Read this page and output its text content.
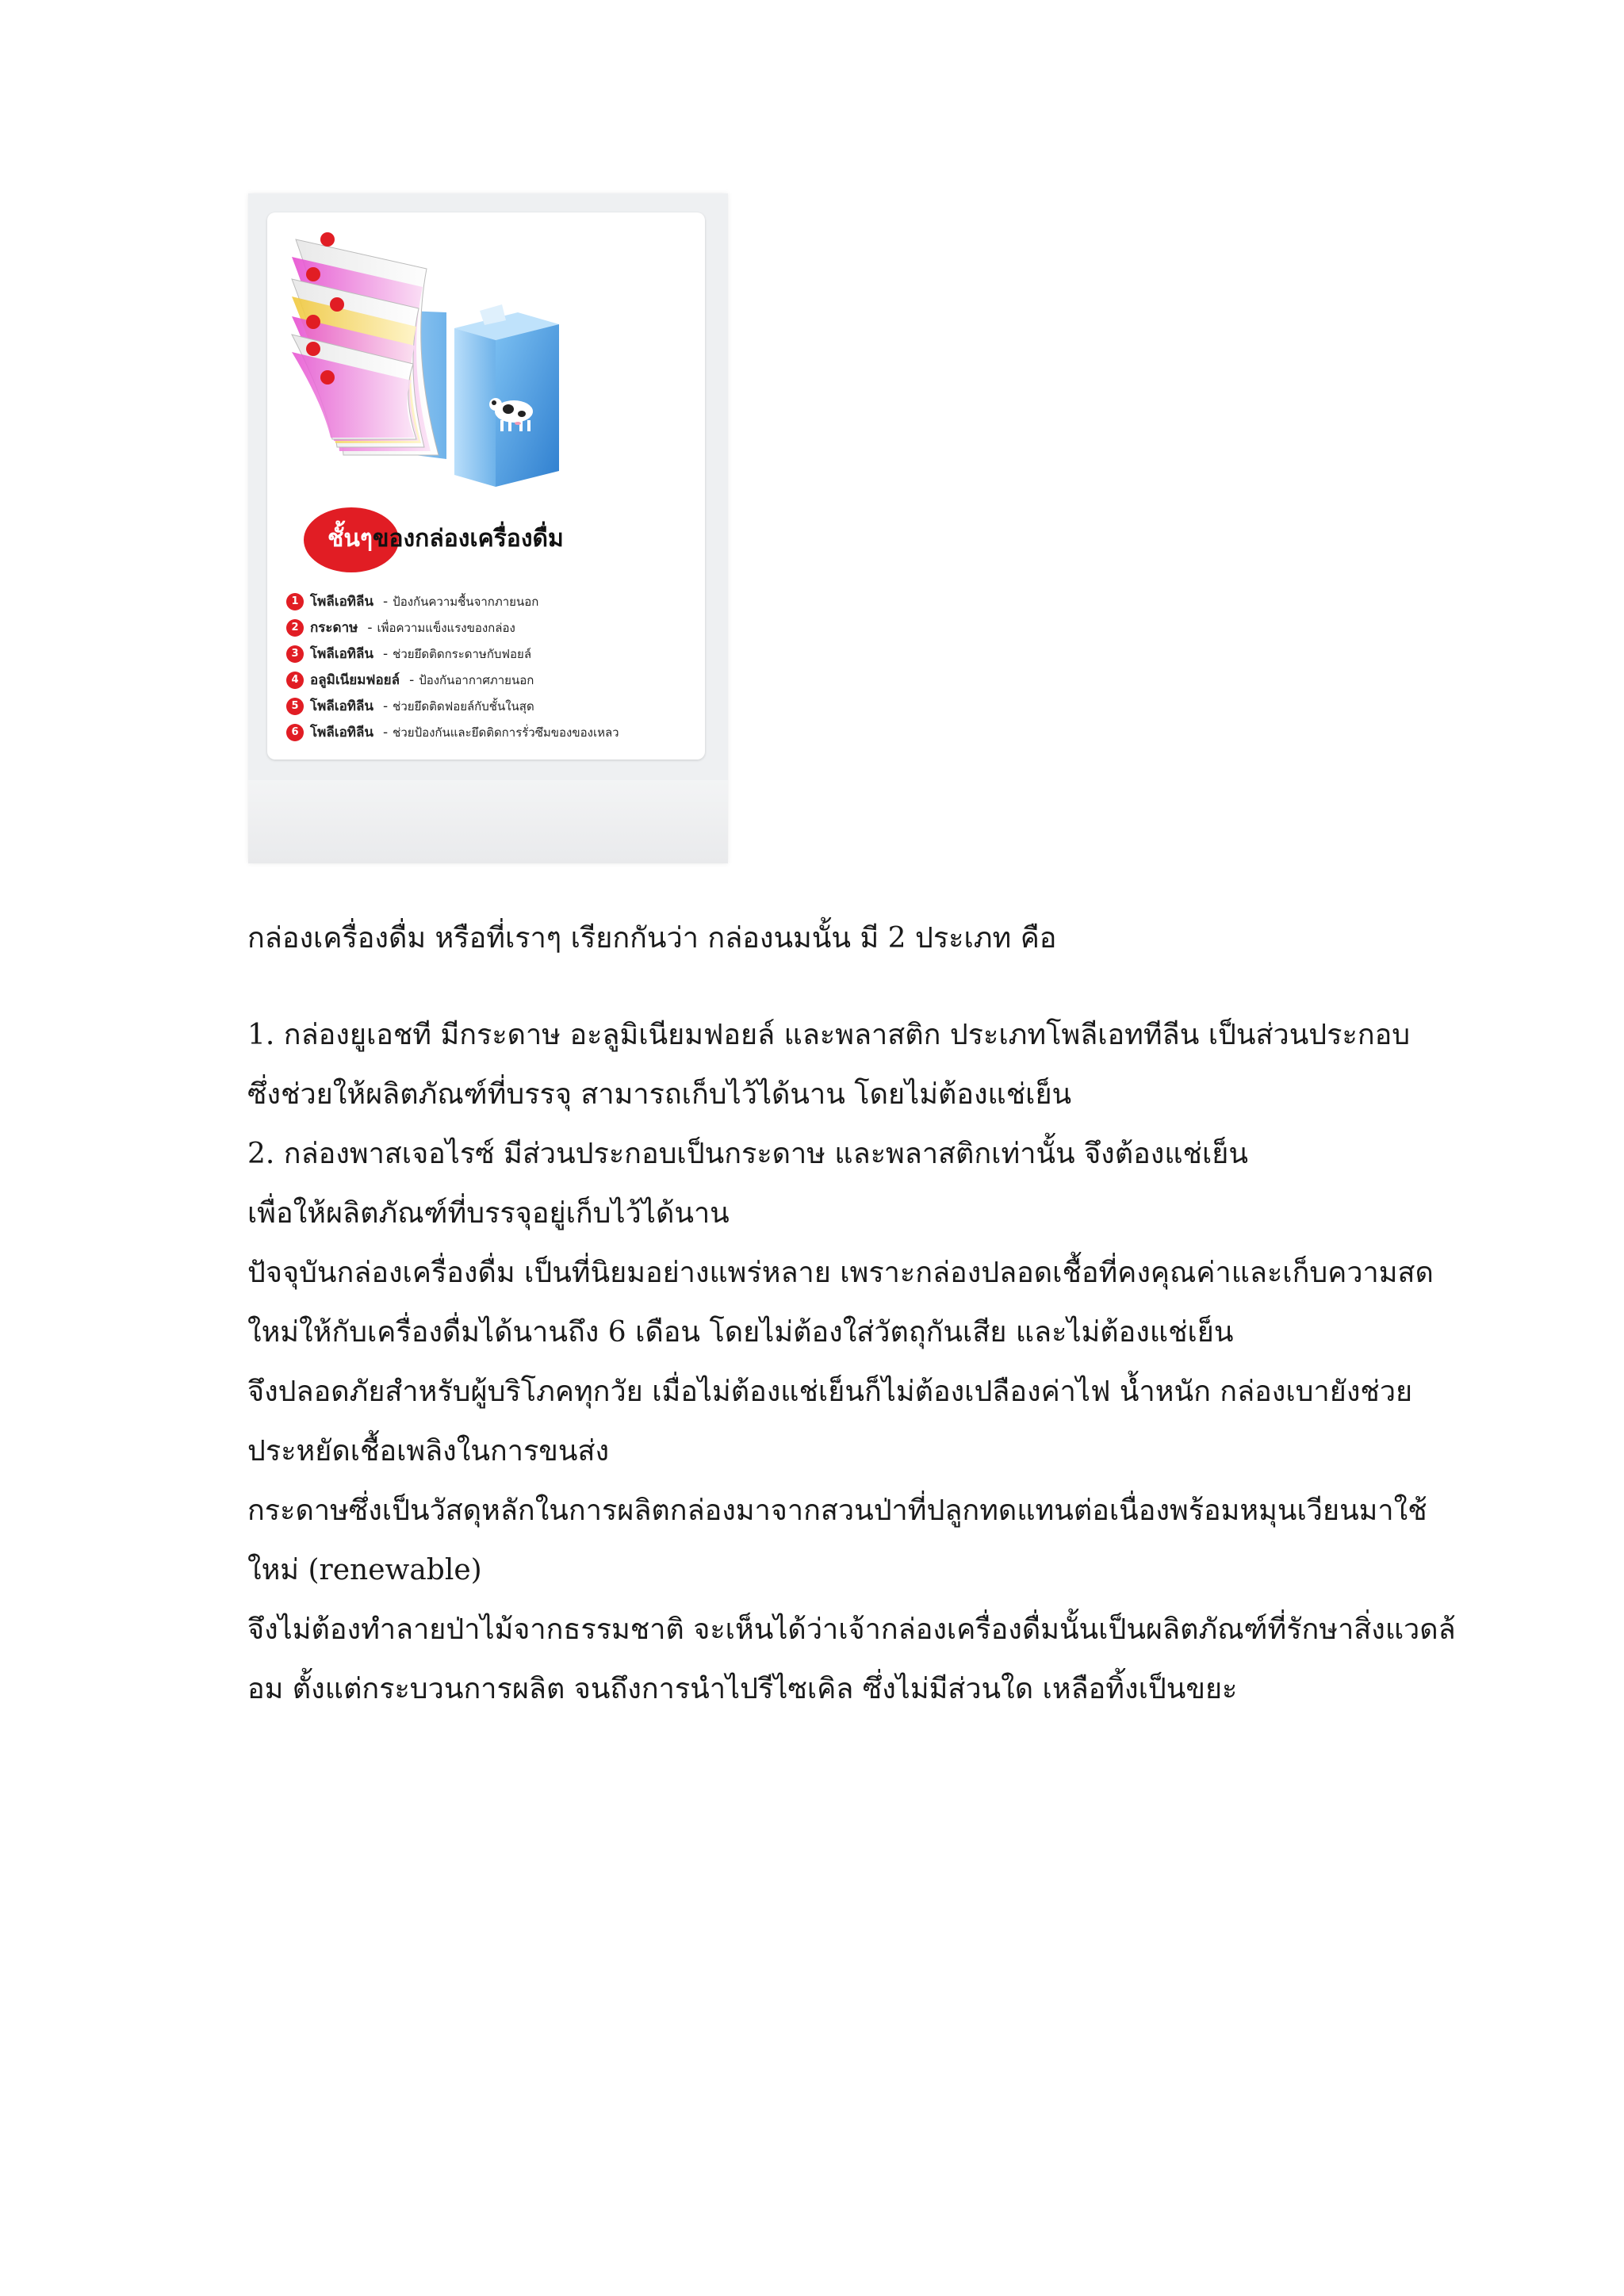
ชั้นๆของกล่องเครื่องดื่ม
1 โพลีเอทิลีน - ป้องกันความชื้นจากภายนอก
2 กระดาษ - เพื่อความแข็งแรงของกล่อง
3 โพลีเอทิลีน - ช่วยยึดติดกระดาษกับฟอยล์
4 อลูมิเนียมฟอยล์ - ป้องกันอากาศภายนอก
5 โพลีเอทิลีน - ช่วยยึดติดฟอยล์กับชั้นในสุด
6 โพลีเอทิลีน - ช่วยป้องกันและยึดติดการรั่วซึมของของเหลว

กล่องเครื่องดื่ม หรือที่เราๆ เรียกกันว่า กล่องนมนั้น มี 2 ประเภท คือ

1. กล่องยูเอชที มีกระดาษ อะลูมิเนียมฟอยล์ และพลาสติก ประเภทโพลีเอททีลีน เป็นส่วนประกอบ

ซึ่งช่วยให้ผลิตภัณฑ์ที่บรรจุ สามารถเก็บไว้ได้นาน โดยไม่ต้องแช่เย็น

2. กล่องพาสเจอไรซ์ มีส่วนประกอบเป็นกระดาษ และพลาสติกเท่านั้น จึงต้องแช่เย็น

เพื่อให้ผลิตภัณฑ์ที่บรรจุอยู่เก็บไว้ได้นาน

ปัจจุบันกล่องเครื่องดื่ม เป็นที่นิยมอย่างแพร่หลาย เพราะกล่องปลอดเชื้อที่คงคุณค่าและเก็บความสด

ใหม่ให้กับเครื่องดื่มได้นานถึง 6 เดือน โดยไม่ต้องใส่วัตถุกันเสีย และไม่ต้องแช่เย็น

จึงปลอดภัยสำหรับผู้บริโภคทุกวัย เมื่อไม่ต้องแช่เย็นก็ไม่ต้องเปลืองค่าไฟ น้ำหนัก กล่องเบายังช่วย

ประหยัดเชื้อเพลิงในการขนส่ง

กระดาษซึ่งเป็นวัสดุหลักในการผลิตกล่องมาจากสวนป่าที่ปลูกทดแทนต่อเนื่องพร้อมหมุนเวียนมาใช้

ใหม่ (renewable)

จึงไม่ต้องทำลายป่าไม้จากธรรมชาติ จะเห็นได้ว่าเจ้ากล่องเครื่องดื่มนั้นเป็นผลิตภัณฑ์ที่รักษาสิ่งแวดล้

อม ตั้งแต่กระบวนการผลิต จนถึงการนำไปรีไซเคิล ซึ่งไม่มีส่วนใด เหลือทิ้งเป็นขยะ
